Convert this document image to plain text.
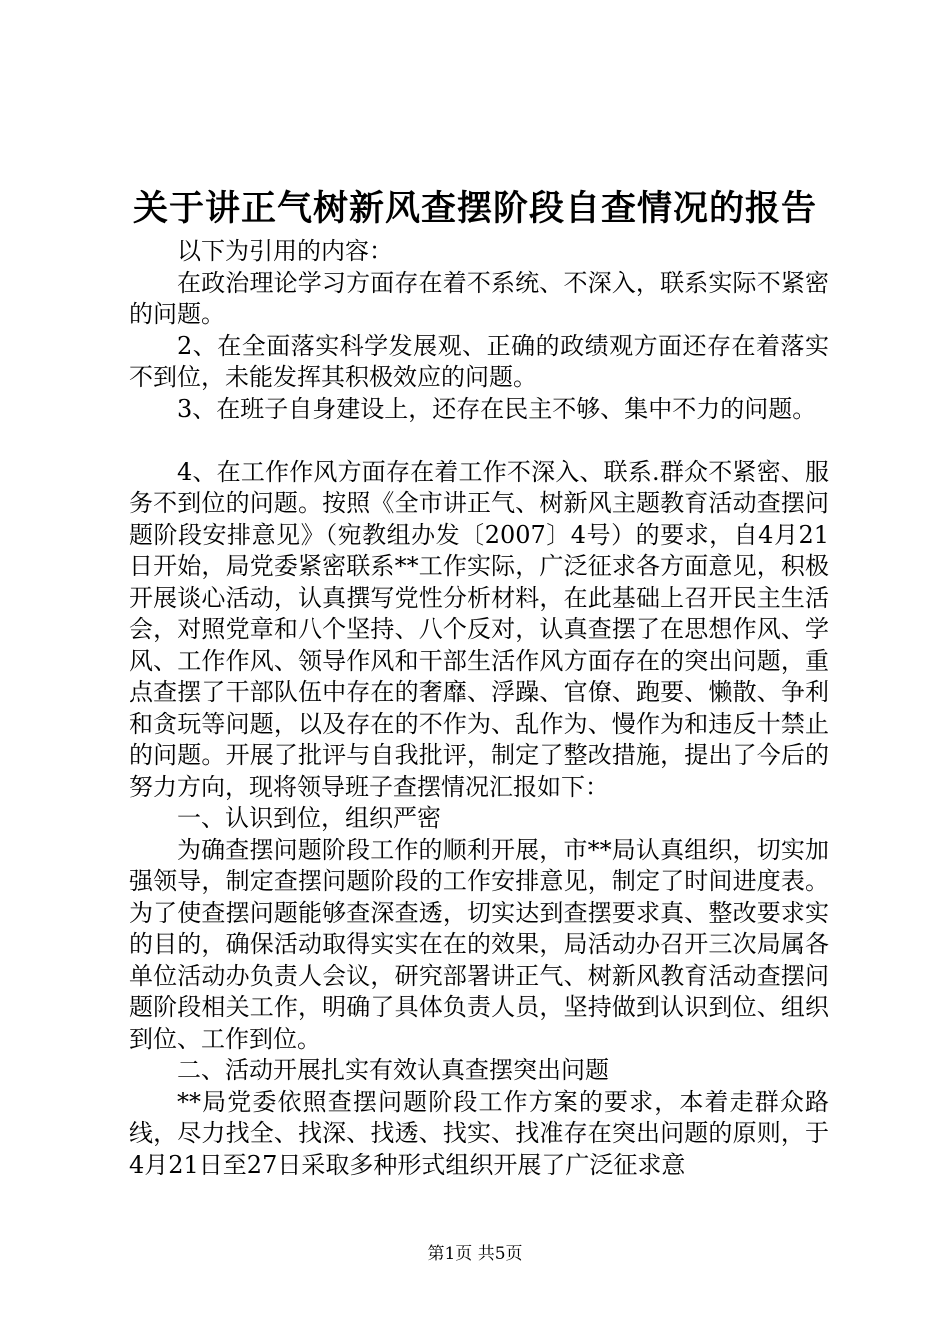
关于讲正气树新风查摆阶段自查情况的报告

以下为引用的内容：

在政治理论学习方面存在着不系统、不深入，联系实际不紧密的问题。

2、在全面落实科学发展观、正确的政绩观方面还存在着落实不到位，未能发挥其积极效应的问题。

3、在班子自身建设上，还存在民主不够、集中不力的问题。

4、在工作作风方面存在着工作不深入、联系.群众不紧密、服务不到位的问题。按照《全市讲正气、树新风主题教育活动查摆问题阶段安排意见》（宛教组办发〔2007〕4号）的要求，自4月21日开始，局党委紧密联系**工作实际，广泛征求各方面意见，积极开展谈心活动，认真撰写党性分析材料，在此基础上召开民主生活会，对照党章和八个坚持、八个反对，认真查摆了在思想作风、学风、工作作风、领导作风和干部生活作风方面存在的突出问题，重点查摆了干部队伍中存在的奢靡、浮躁、官僚、跑要、懒散、争利和贪玩等问题，以及存在的不作为、乱作为、慢作为和违反十禁止的问题。开展了批评与自我批评，制定了整改措施，提出了今后的努力方向，现将领导班子查摆情况汇报如下：

一、认识到位，组织严密

为确查摆问题阶段工作的顺利开展，市**局认真组织，切实加强领导，制定查摆问题阶段的工作安排意见，制定了时间进度表。为了使查摆问题能够查深查透，切实达到查摆要求真、整改要求实的目的，确保活动取得实实在在的效果，局活动办召开三次局属各单位活动办负责人会议，研究部署讲正气、树新风教育活动查摆问题阶段相关工作，明确了具体负责人员，坚持做到认识到位、组织到位、工作到位。

二、活动开展扎实有效认真查摆突出问题

**局党委依照查摆问题阶段工作方案的要求，本着走群众路线，尽力找全、找深、找透、找实、找准存在突出问题的原则，于4月21日至27日采取多种形式组织开展了广泛征求意

第1页 共5页
